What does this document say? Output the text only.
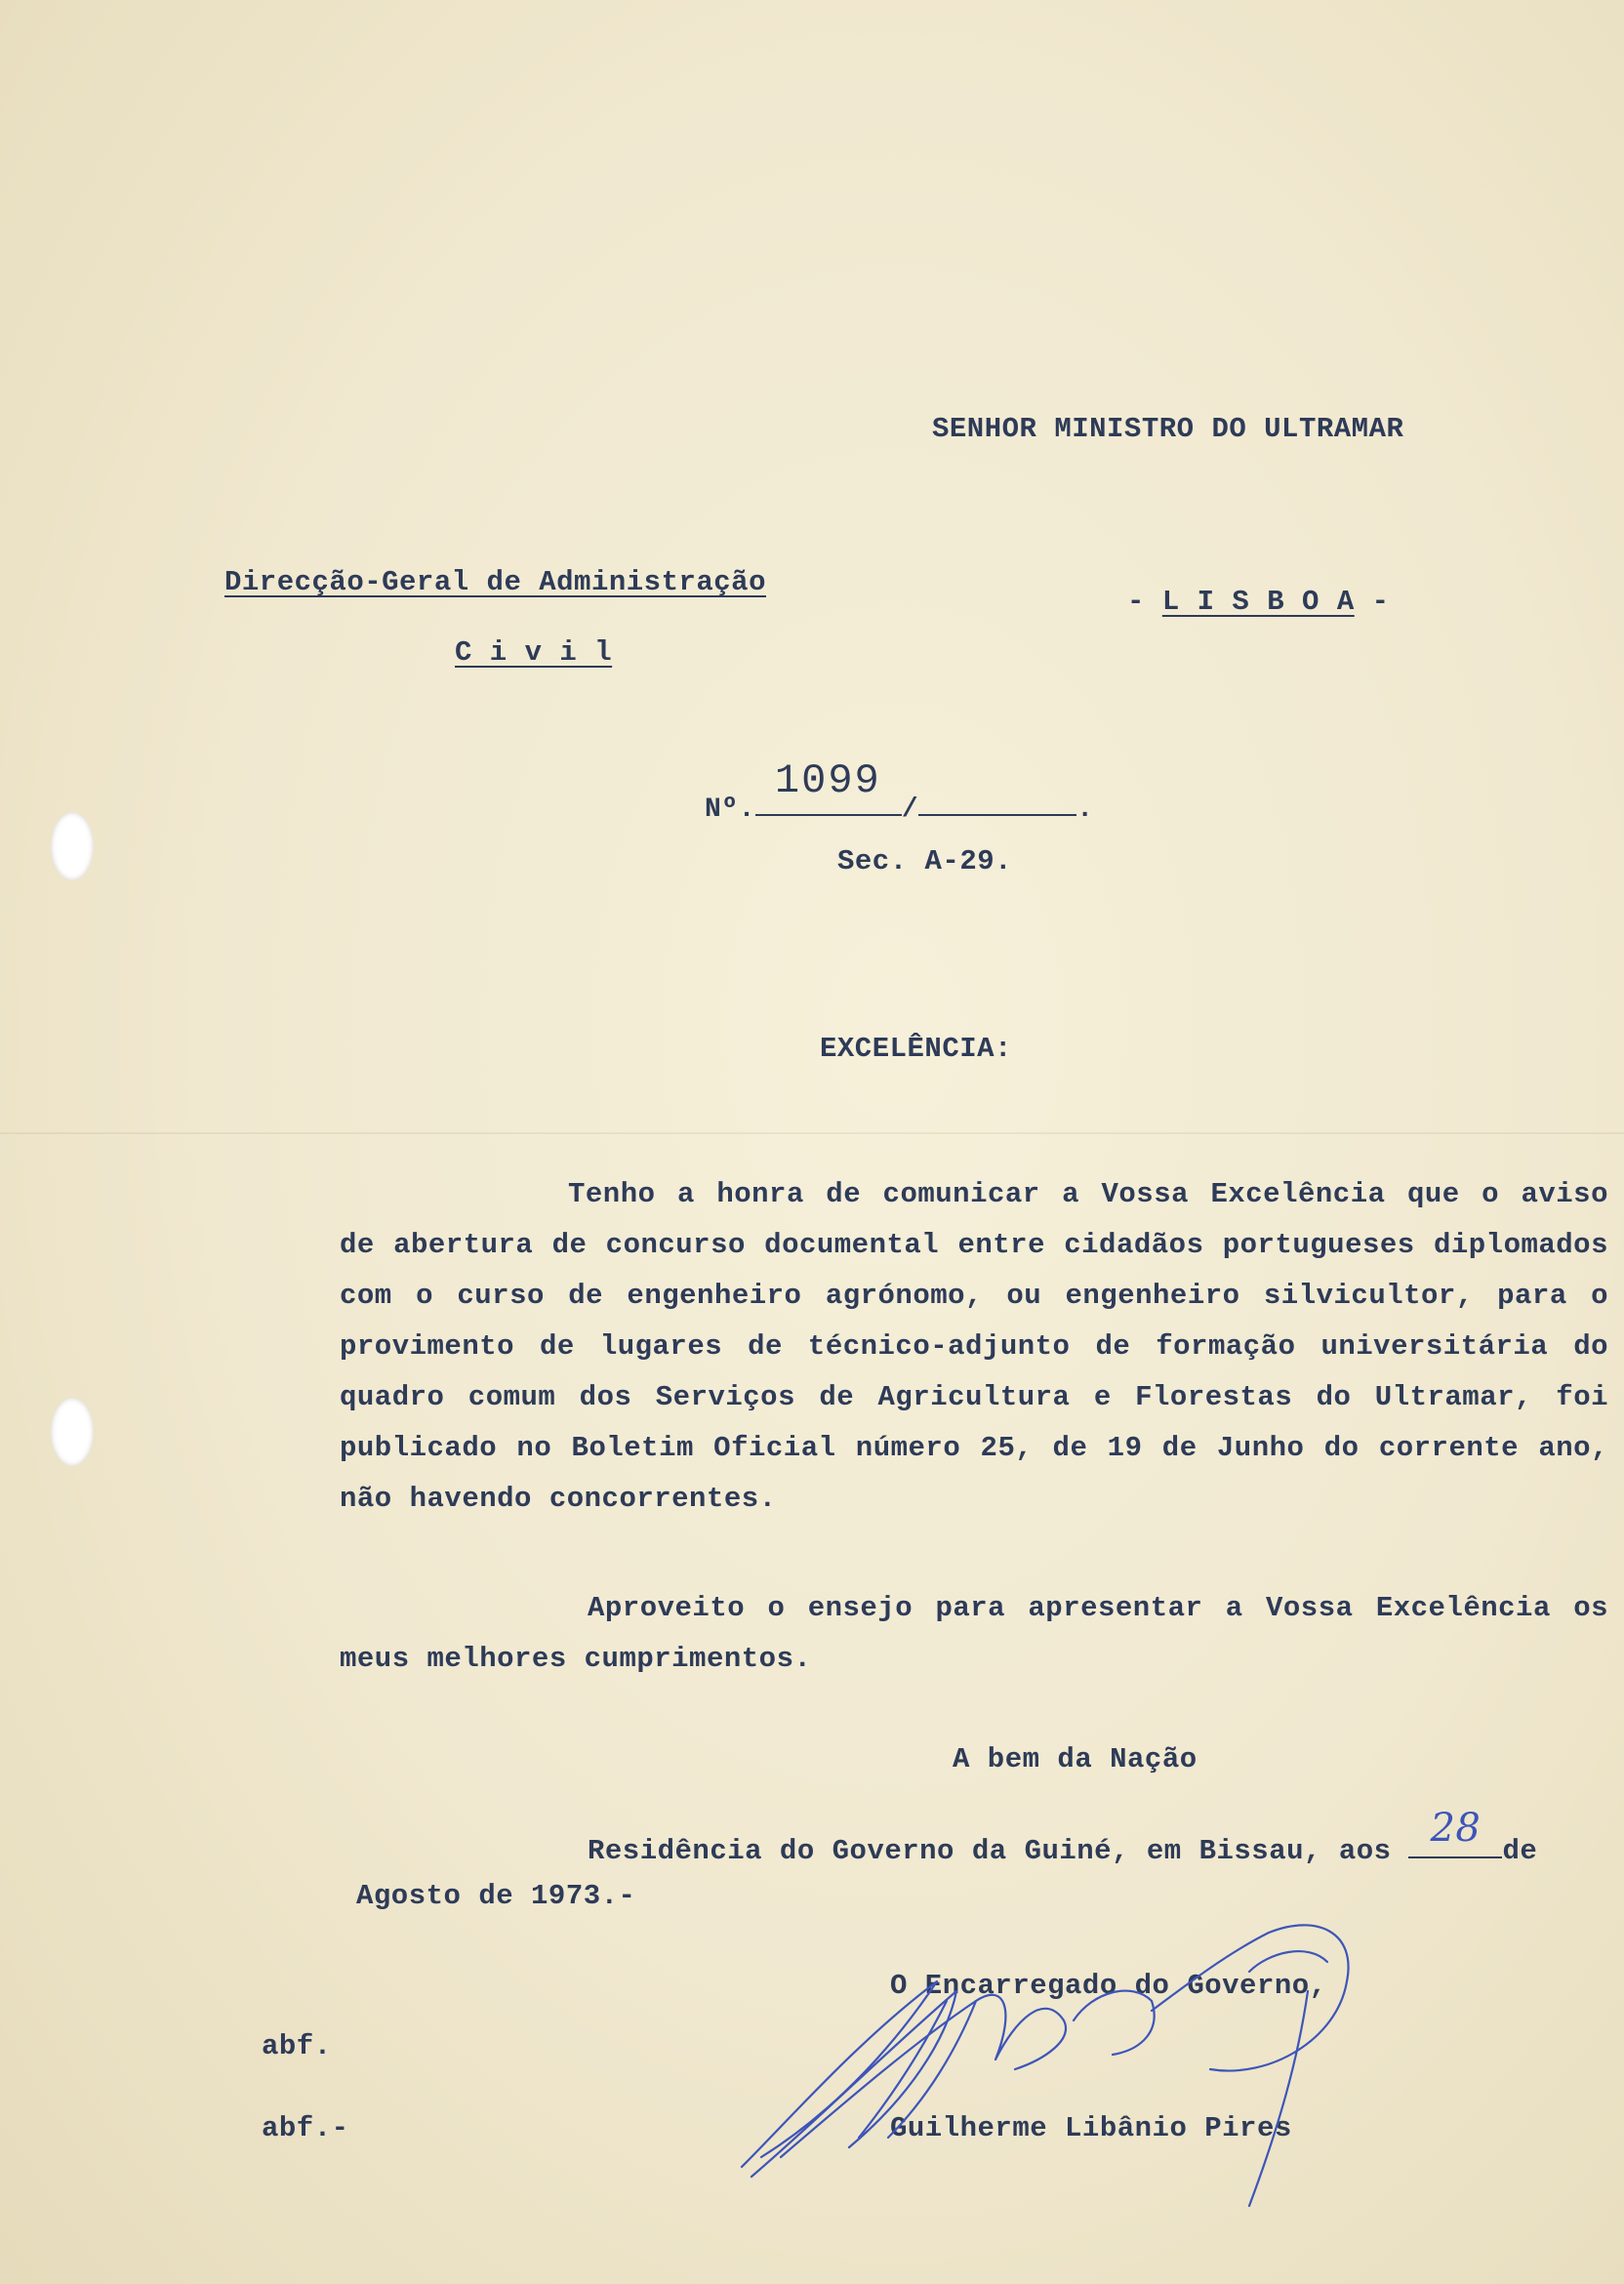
SENHOR MINISTRO DO ULTRAMAR
Direcção-Geral de Administração
C i v i l
- L I S B O A -
Nº.
1099
/	.
Sec. A-29.
EXCELÊNCIA:
Tenho a honra de comunicar a Vossa Excelência que o aviso de abertura de concurso documental entre cidadãos portugueses diplomados com o curso de engenheiro agrónomo, ou engenheiro silvicultor, para o provimento de lugares de técnico-adjunto de formação universitária do quadro comum dos Serviços de Agricultura e Florestas do Ultramar, foi publicado no Boletim Oficial número 25, de 19 de Junho do corrente ano, não havendo concorrentes.
Aproveito o ensejo para apresentar a Vossa Excelência os meus melhores cumprimentos.
A bem da Nação
Residência do Governo da Guiné, em Bissau, aos
28
de
Agosto de 1973.-
O Encarregado do Governo,
Guilherme Libânio Pires
abf.
abf.-
